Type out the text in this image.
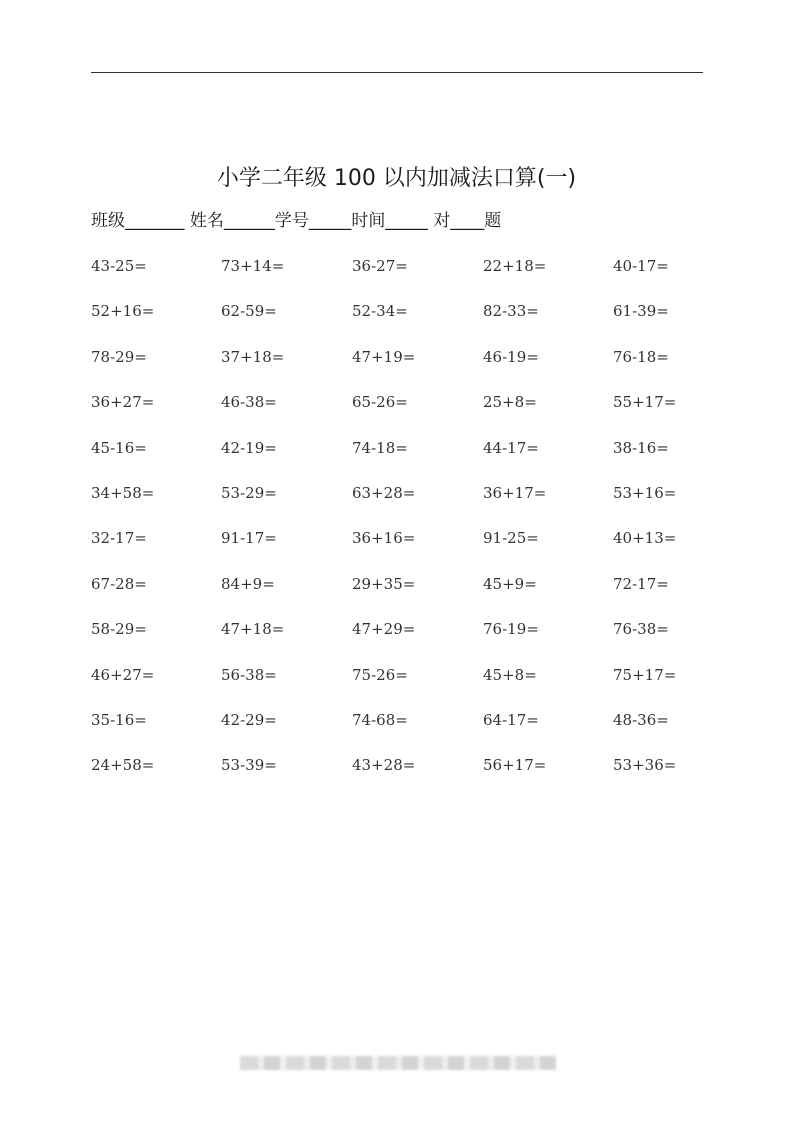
小学二年级 100 以内加减法口算(一)
班级_______ 姓名______学号_____时间_____ 对____题
43-25=	73+14=	36-27=	22+18=	40-17=
52+16=	62-59=	52-34=	82-33=	61-39=
78-29=	37+18=	47+19=	46-19=	76-18=
36+27=	46-38=	65-26=	25+8=	55+17=
45-16=	42-19=	74-18=	44-17=	38-16=
34+58=	53-29=	63+28=	36+17=	53+16=
32-17=	91-17=	36+16=	91-25=	40+13=
67-28=	84+9=	29+35=	45+9=	72-17=
58-29=	47+18=	47+29=	76-19=	76-38=
46+27=	56-38=	75-26=	45+8=	75+17=
35-16=	42-29=	74-68=	64-17=	48-36=
24+58=	53-39=	43+28=	56+17=	53+36=
